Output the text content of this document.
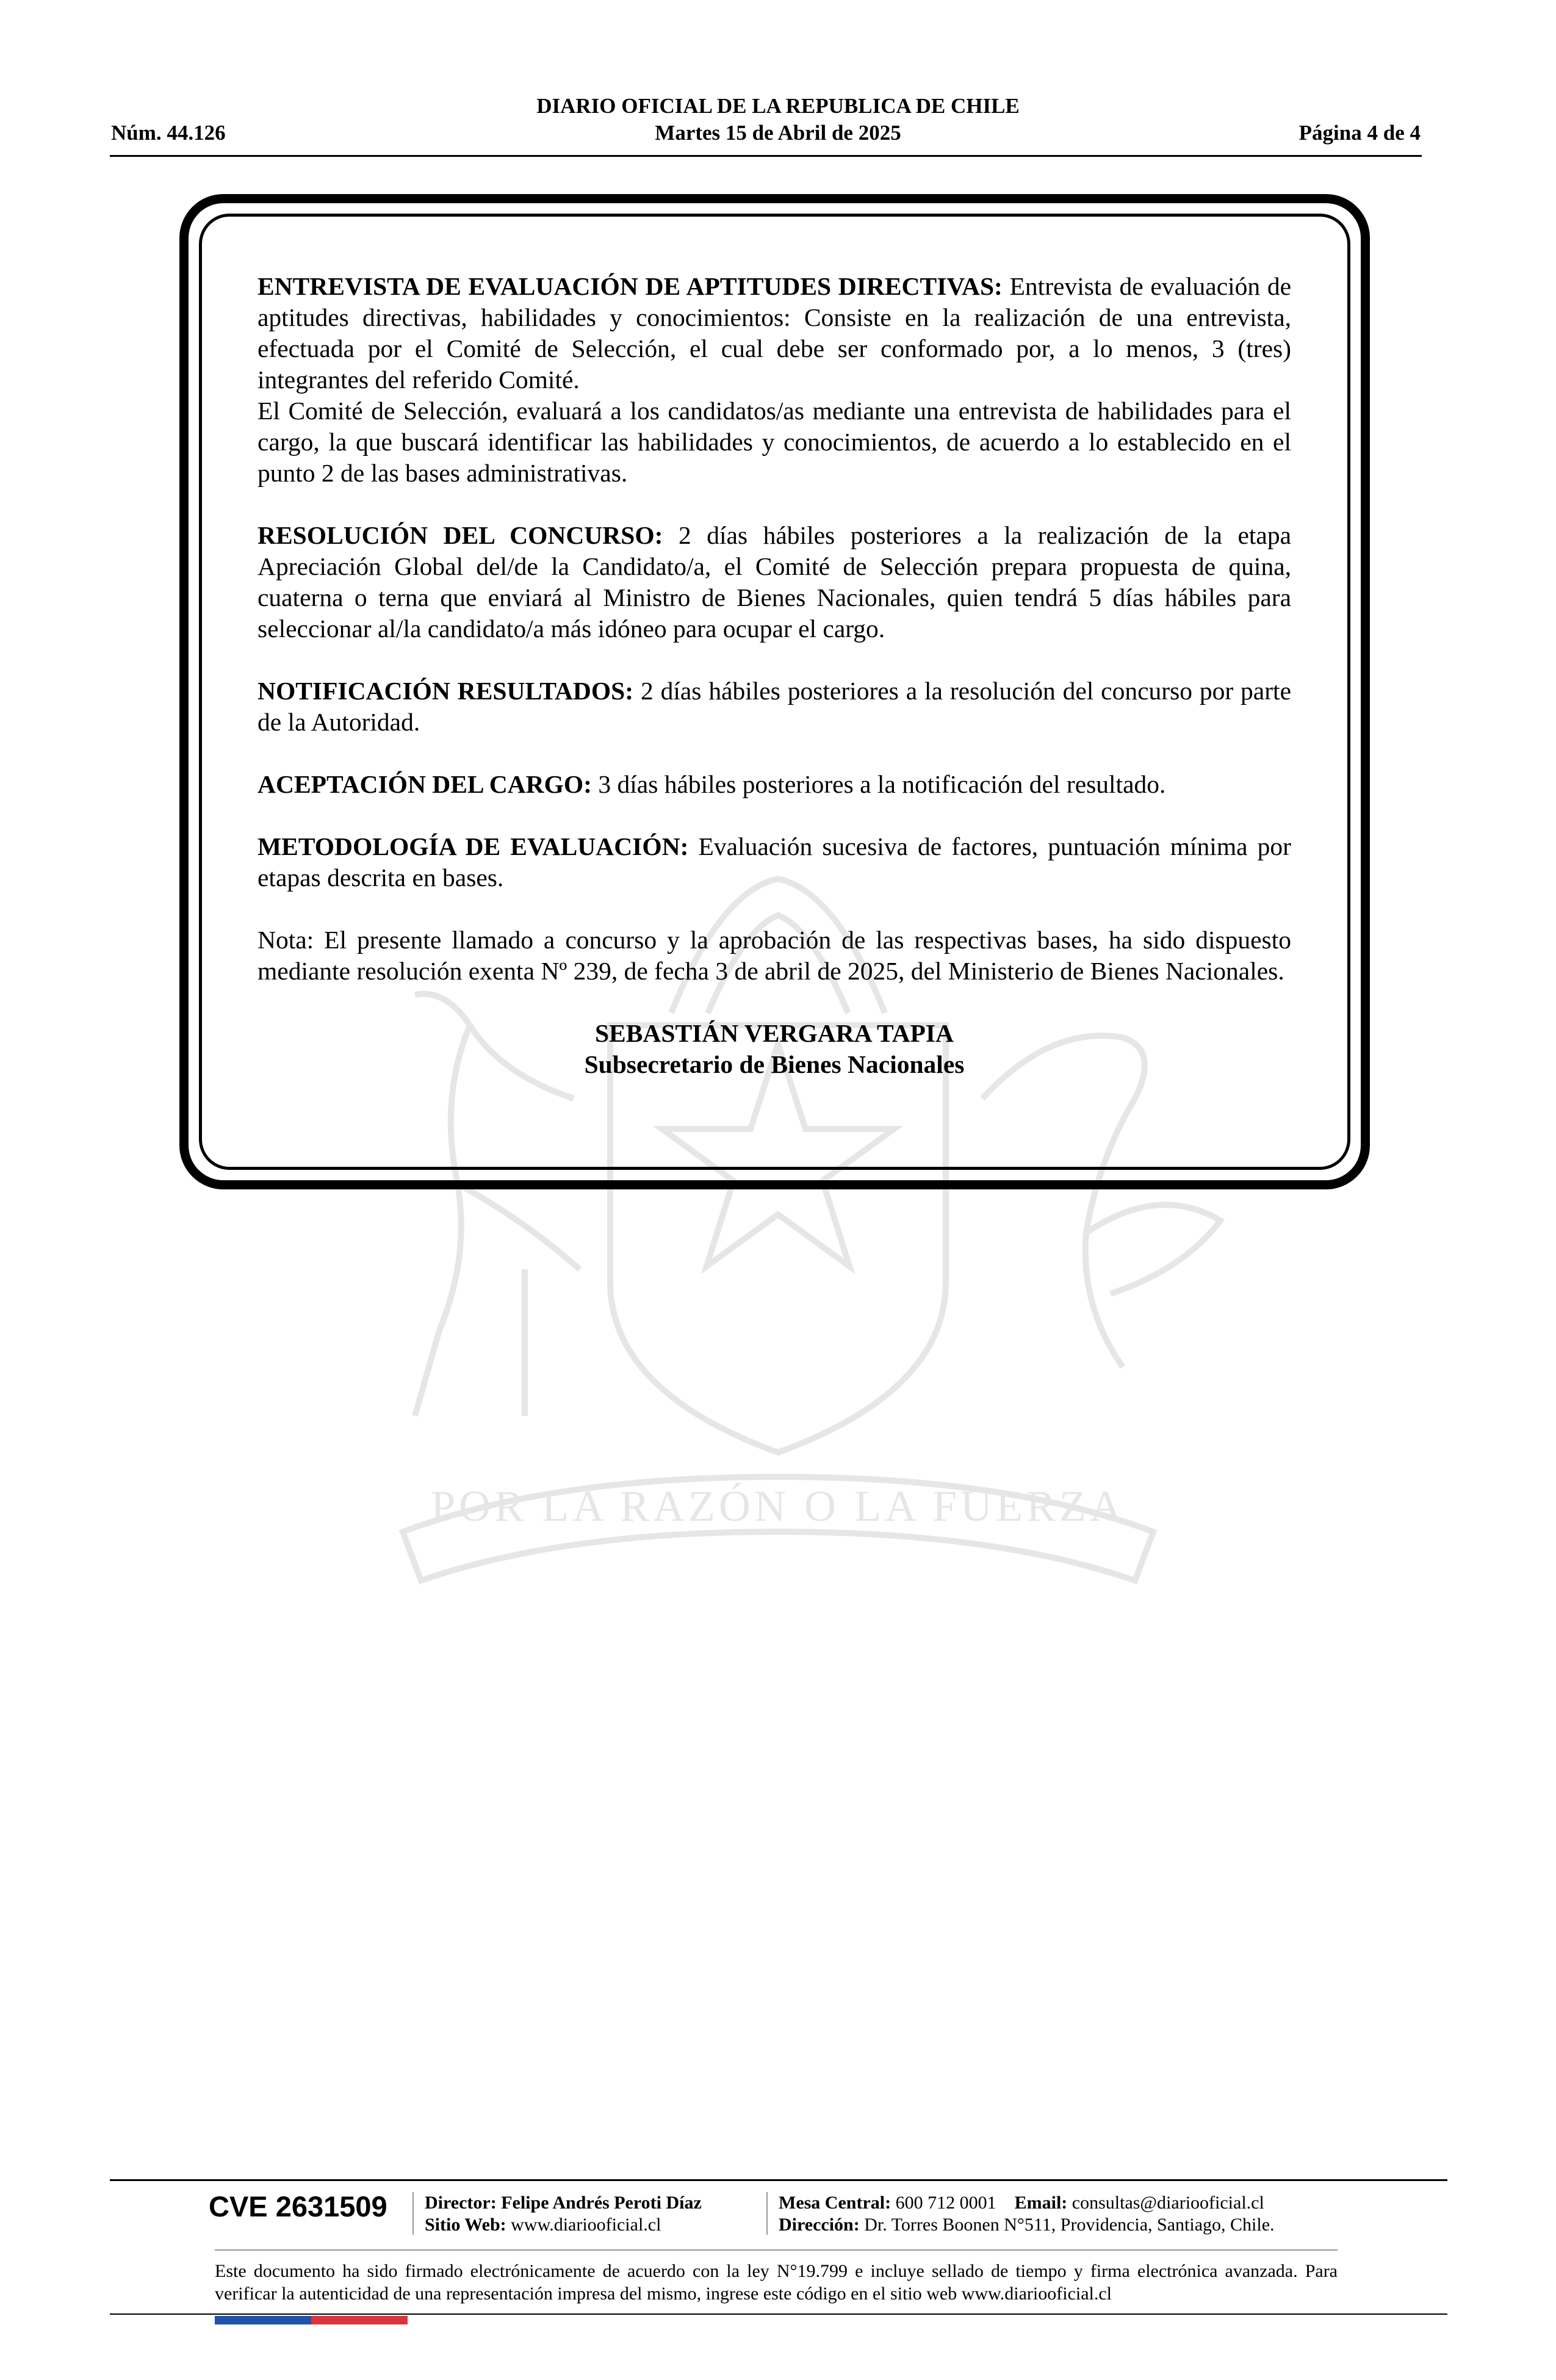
DIARIO OFICIAL DE LA REPUBLICA DE CHILE
Martes 15 de Abril de 2025
Núm. 44.126	Página 4 de 4
POR LA RAZÓN O LA FUERZA

ENTREVISTA DE EVALUACIÓN DE APTITUDES DIRECTIVAS: Entrevista de evaluación de aptitudes directivas, habilidades y conocimientos: Consiste en la realización de una entrevista, efectuada por el Comité de Selección, el cual debe ser conformado por, a lo menos, 3 (tres) integrantes del referido Comité.

El Comité de Selección, evaluará a los candidatos/as mediante una entrevista de habilidades para el cargo, la que buscará identificar las habilidades y conocimientos, de acuerdo a lo establecido en el punto 2 de las bases administrativas.

RESOLUCIÓN DEL CONCURSO: 2 días hábiles posteriores a la realización de la etapa Apreciación Global del/de la Candidato/a, el Comité de Selección prepara propuesta de quina, cuaterna o terna que enviará al Ministro de Bienes Nacionales, quien tendrá 5 días hábiles para seleccionar al/la candidato/a más idóneo para ocupar el cargo.

NOTIFICACIÓN RESULTADOS: 2 días hábiles posteriores a la resolución del concurso por parte de la Autoridad.

ACEPTACIÓN DEL CARGO: 3 días hábiles posteriores a la notificación del resultado.

METODOLOGÍA DE EVALUACIÓN: Evaluación sucesiva de factores, puntuación mínima por etapas descrita en bases.

Nota: El presente llamado a concurso y la aprobación de las respectivas bases, ha sido dispuesto mediante resolución exenta Nº 239, de fecha 3 de abril de 2025, del Ministerio de Bienes Nacionales.

SEBASTIÁN VERGARA TAPIA
Subsecretario de Bienes Nacionales
CVE 2631509 Director: Felipe Andrés Peroti Díaz
Sitio Web: www.diariooficial.cl
Mesa Central: 600 712 0001 Email: consultas@diariooficial.cl
Dirección: Dr. Torres Boonen N°511, Providencia, Santiago, Chile.
Este documento ha sido firmado electrónicamente de acuerdo con la ley N°19.799 e incluye sellado de tiempo y firma electrónica avanzada. Para verificar la autenticidad de una representación impresa del mismo, ingrese este código en el sitio web www.diariooficial.cl
